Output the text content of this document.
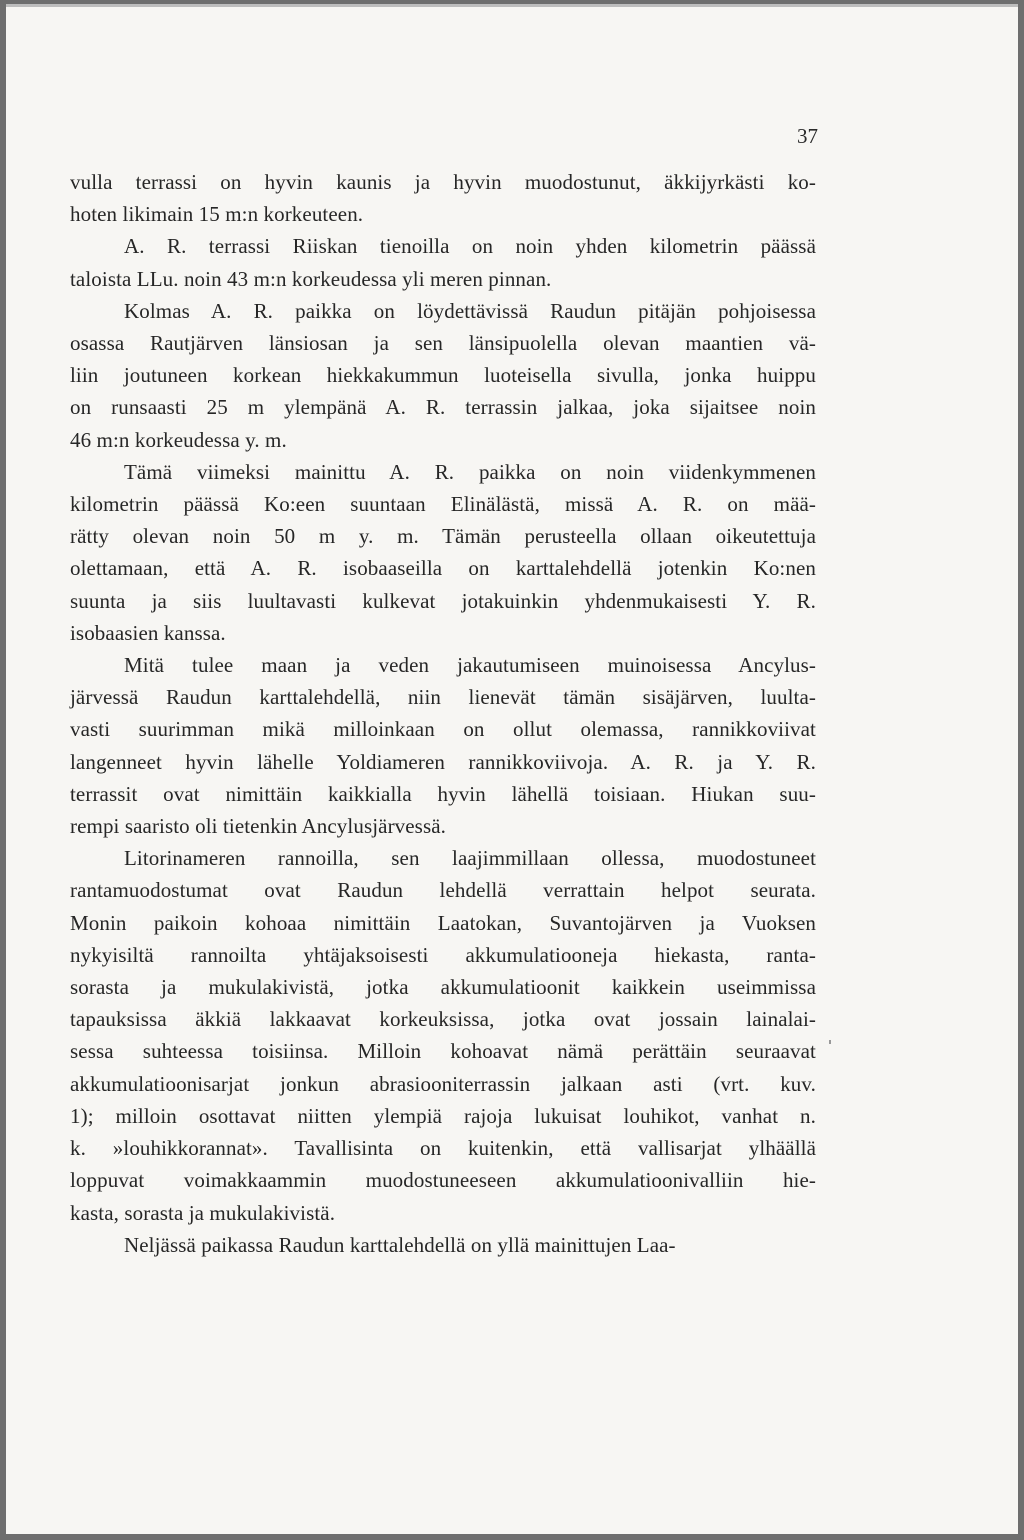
37
vulla terrassi on hyvin kaunis ja hyvin muodostunut, äkkijyrkästi ko-
hoten likimain 15 m:n korkeuteen.
A. R. terrassi Riiskan tienoilla on noin yhden kilometrin päässä
taloista LLu. noin 43 m:n korkeudessa yli meren pinnan.
Kolmas A. R. paikka on löydettävissä Raudun pitäjän pohjoisessa
osassa Rautjärven länsiosan ja sen länsipuolella olevan maantien vä-
liin joutuneen korkean hiekkakummun luoteisella sivulla, jonka huippu
on runsaasti 25 m ylempänä A. R. terrassin jalkaa, joka sijaitsee noin
46 m:n korkeudessa y. m.
Tämä viimeksi mainittu A. R. paikka on noin viidenkymmenen
kilometrin päässä Ko:een suuntaan Elinälästä, missä A. R. on mää-
rätty olevan noin 50 m y. m. Tämän perusteella ollaan oikeutettuja
olettamaan, että A. R. isobaaseilla on karttalehdellä jotenkin Ko:nen
suunta ja siis luultavasti kulkevat jotakuinkin yhdenmukaisesti Y. R.
isobaasien kanssa.
Mitä tulee maan ja veden jakautumiseen muinoisessa Ancylus-
järvessä Raudun karttalehdellä, niin lienevät tämän sisäjärven, luulta-
vasti suurimman mikä milloinkaan on ollut olemassa, rannikkoviivat
langenneet hyvin lähelle Yoldiameren rannikkoviivoja. A. R. ja Y. R.
terrassit ovat nimittäin kaikkialla hyvin lähellä toisiaan. Hiukan suu-
rempi saaristo oli tietenkin Ancylusjärvessä.
Litorinameren rannoilla, sen laajimmillaan ollessa, muodostuneet
rantamuodostumat ovat Raudun lehdellä verrattain helpot seurata.
Monin paikoin kohoaa nimittäin Laatokan, Suvantojärven ja Vuoksen
nykyisiltä rannoilta yhtäjaksoisesti akkumulatiooneja hiekasta, ranta-
sorasta ja mukulakivistä, jotka akkumulatioonit kaikkein useimmissa
tapauksissa äkkiä lakkaavat korkeuksissa, jotka ovat jossain lainalai-
sessa suhteessa toisiinsa. Milloin kohoavat nämä perättäin seuraavat
akkumulatioonisarjat jonkun abrasiooniterrassin jalkaan asti (vrt. kuv.
1); milloin osottavat niitten ylempiä rajoja lukuisat louhikot, vanhat n.
k. »louhikkorannat». Tavallisinta on kuitenkin, että vallisarjat ylhäällä
loppuvat voimakkaammin muodostuneeseen akkumulatioonivalliin hie-
kasta, sorasta ja mukulakivistä.
Neljässä paikassa Raudun karttalehdellä on yllä mainittujen Laa-
